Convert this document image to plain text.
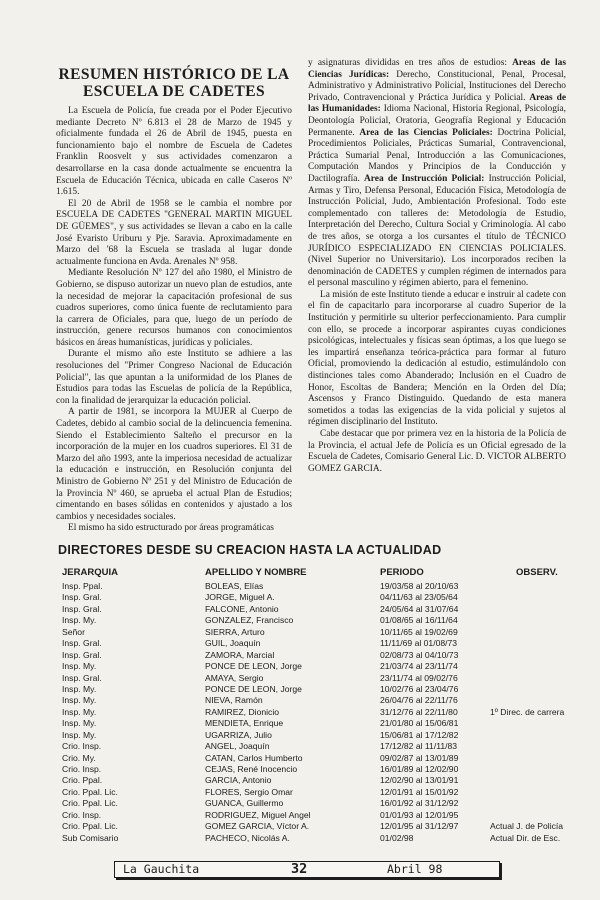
RESUMEN HISTÓRICO DE LA ESCUELA DE CADETES

La Escuela de Policía, fue creada por el Poder Ejecutivo mediante Decreto Nº 6.813 el 28 de Marzo de 1945 y oficialmente fundada el 26 de Abril de 1945, puesta en funcionamiento bajo el nombre de Escuela de Cadetes Franklin Roosvelt y sus actividades comenzaron a desarrollarse en la casa donde actualmente se encuentra la Escuela de Educación Técnica, ubicada en calle Caseros Nº 1.615.

El 20 de Abril de 1958 se le cambia el nombre por ESCUELA DE CADETES "GENERAL MARTIN MIGUEL DE GÜEMES", y sus actividades se llevan a cabo en la calle José Evaristo Uriburu y Pje. Saravia. Aproximadamente en Marzo del '68 la Escuela se traslada al lugar donde actualmente funciona en Avda. Arenales Nº 958.

Mediante Resolución Nº 127 del año 1980, el Ministro de Gobierno, se dispuso autorizar un nuevo plan de estudios, ante la necesidad de mejorar la capacitación profesional de sus cuadros superiores, como única fuente de reclutamiento para la carrera de Oficiales, para que, luego de un período de instrucción, genere recursos humanos con conocimientos básicos en áreas humanísticas, jurídicas y policiales.

Durante el mismo año este Instituto se adhiere a las resoluciones del "Primer Congreso Nacional de Educación Policial", las que apuntan a la uniformidad de los Planes de Estudios para todas las Escuelas de policía de la República, con la finalidad de jerarquizar la educación policial.

A partir de 1981, se incorpora la MUJER al Cuerpo de Cadetes, debido al cambio social de la delincuencia femenina. Siendo el Establecimiento Salteño el precursor en la incorporación de la mujer en los cuadros superiores. El 31 de Marzo del año 1993, ante la imperiosa necesidad de actualizar la educación e instrucción, en Resolución conjunta del Ministro de Gobierno Nº 251 y del Ministro de Educación de la Provincia Nº 460, se aprueba el actual Plan de Estudios; cimentando en bases sólidas en contenidos y ajustado a los cambios y necesidades sociales.

El mismo ha sido estructurado por áreas programáticas

y asignaturas divididas en tres años de estudios: Areas de las Ciencias Jurídicas: Derecho, Constitucional, Penal, Procesal, Administrativo y Administrativo Policial, Instituciones del Derecho Privado, Contravencional y Práctica Jurídica y Policial. Areas de las Humanidades: Idioma Nacional, Historia Regional, Psicología, Deontología Policial, Oratoria, Geografía Regional y Educación Permanente. Area de las Ciencias Policiales: Doctrina Policial, Procedimientos Policiales, Prácticas Sumarial, Contravencional, Práctica Sumarial Penal, Introducción a las Comunicaciones, Computación Mandos y Principios de la Conducción y Dactilografía. Area de Instrucción Policial: Instrucción Policial, Armas y Tiro, Defensa Personal, Educación Física, Metodología de Instrucción Policial, Judo, Ambientación Profesional. Todo este complementado con talleres de: Metodología de Estudio, Interpretación del Derecho, Cultura Social y Criminología. Al cabo de tres años, se otorga a los cursantes el título de TÉCNICO JURÍDICO ESPECIALIZADO EN CIENCIAS POLICIALES. (Nivel Superior no Universitario). Los incorporados reciben la denominación de CADETES y cumplen régimen de internados para el personal masculino y régimen abierto, para el femenino.

La misión de este Instituto tiende a educar e instruir al cadete con el fin de capacitarlo para incorporarse al cuadro Superior de la Institución y permitirle su ulterior perfeccionamiento. Para cumplir con ello, se procede a incorporar aspirantes cuyas condiciones psicológicas, intelectuales y físicas sean óptimas, a los que luego se les impartirá enseñanza teórica-práctica para formar al futuro Oficial, promoviendo la dedicación al estudio, estimulándolo con distinciones tales como Abanderado; Inclusión en el Cuadro de Honor, Escoltas de Bandera; Mención en la Orden del Día; Ascensos y Franco Distinguido. Quedando de esta manera sometidos a todas las exigencias de la vida policial y sujetos al régimen disciplinario del Instituto.

Cabe destacar que por primera vez en la historia de la Policía de la Provincia, el actual Jefe de Policía es un Oficial egresado de la Escuela de Cadetes, Comisario General Lic. D. VICTOR ALBERTO GOMEZ GARCIA.

DIRECTORES DESDE SU CREACION HASTA LA ACTUALIDAD
JERARQUIA	APELLIDO Y NOMBRE	PERIODO	OBSERV.
Insp. Ppal.	BOLEAS, Elías	19/03/58 al 20/10/63
Insp. Gral.	JORGE, Miguel A.	04/11/63 al 23/05/64
Insp. Gral.	FALCONE, Antonio	24/05/64 al 31/07/64
Insp. My.	GONZALEZ, Francisco	01/08/65 al 16/11/64
Señor	SIERRA, Arturo	10/11/65 al 19/02/69
Insp. Gral.	GUIL, Joaquín	11/11/69 al 01/08/73
Insp. Gral.	ZAMORA, Marcial	02/08/73 al 04/10/73
Insp. My.	PONCE DE LEON, Jorge	21/03/74 al 23/11/74
Insp. Gral.	AMAYA, Sergio	23/11/74 al 09/02/76
Insp. My.	PONCE DE LEON, Jorge	10/02/76 al 23/04/76
Insp. My.	NIEVA, Ramón	26/04/76 al 22/11/76
Insp. My.	RAMIREZ, Dionicio	31/12/76 al 22/11/80	1º Direc. de carrera
Insp. My.	MENDIETA, Enrique	21/01/80 al 15/06/81
Insp. My.	UGARRIZA, Julio	15/06/81 al 17/12/82
Crio. Insp.	ANGEL, Joaquín	17/12/82 al 11/11/83
Crio. My.	CATAN, Carlos Humberto	09/02/87 al 13/01/89
Crio. Insp.	CEJAS, René Inocencio	16/01/89 al 12/02/90
Crio. Ppal.	GARCIA, Antonio	12/02/90 al 13/01/91
Crio. Ppal. Lic.	FLORES, Sergio Omar	12/01/91 al 15/01/92
Crio. Ppal. Lic.	GUANCA, Guillermo	16/01/92 al 31/12/92
Crio. Insp.	RODRIGUEZ, Miguel Angel	01/01/93 al 12/01/95
Crio. Ppal. Lic.	GOMEZ GARCIA, Víctor A.	12/01/95 al 31/12/97	Actual J. de Policía
Sub Comisario	PACHECO, Nicolás A.	01/02/98	Actual Dir. de Esc.
La Gauchita	32	Abril 98
